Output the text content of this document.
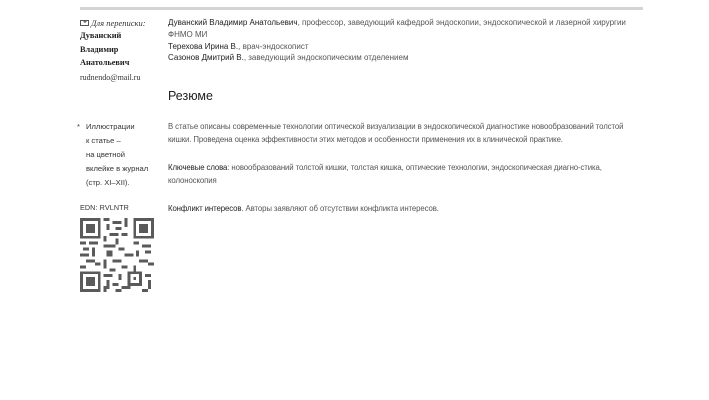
Для переписки:
Дуванский
Владимир
Анатольевич
rudnendo@mail.ru
Дуванский Владимир Анатольевич, профессор, заведующий кафедрой эндоскопии, эндоскопической и лазерной хирургии ФНМО МИ
Терехова Ирина В., врач-эндоскопист
Сазонов Дмитрий В., заведующий эндоскопическим отделением
Резюме
* Иллюстрации
к статье –
на цветной
вклейке в журнал
(стр. XI–XII).
В статье описаны современные технологии оптической визуализации в эндоскопической диагностике новообразований толстой кишки. Проведена оценка эффективности этих методов и особенности применения их в клинической практике.
Ключевые слова: новообразований толстой кишки, толстая кишка, оптические технологии, эндоскопическая диагно-стика, колоноскопия
Конфликт интересов. Авторы заявляют об отсутствии конфликта интересов.
EDN: RVLNTR
